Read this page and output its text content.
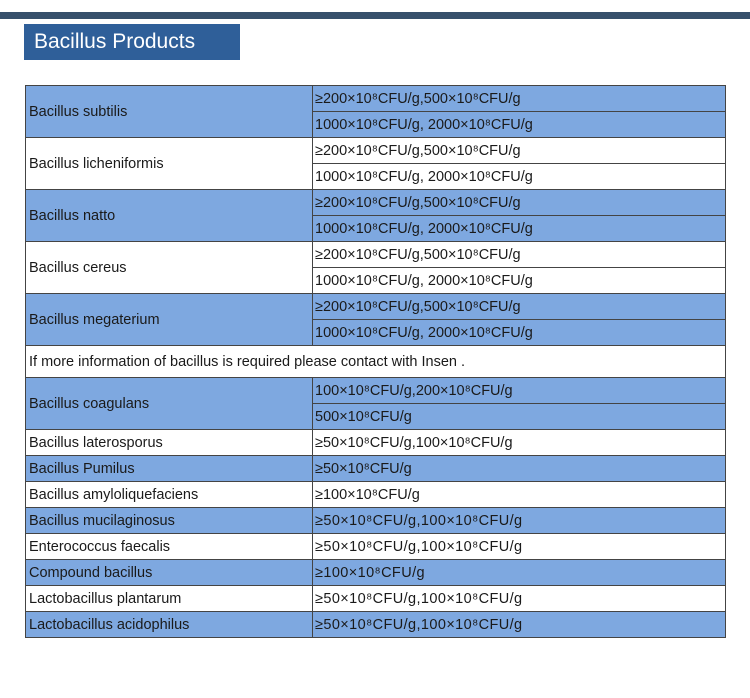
Bacillus Products
Bacillus subtilis	≥200×10⁸CFU/g,500×10⁸CFU/g
	1000×10⁸CFU/g, 2000×10⁸CFU/g
Bacillus licheniformis	≥200×10⁸CFU/g,500×10⁸CFU/g
	1000×10⁸CFU/g, 2000×10⁸CFU/g
Bacillus natto	≥200×10⁸CFU/g,500×10⁸CFU/g
	1000×10⁸CFU/g, 2000×10⁸CFU/g
Bacillus cereus	≥200×10⁸CFU/g,500×10⁸CFU/g
	1000×10⁸CFU/g, 2000×10⁸CFU/g
Bacillus megaterium	≥200×10⁸CFU/g,500×10⁸CFU/g
	1000×10⁸CFU/g, 2000×10⁸CFU/g
If more information of bacillus is required please contact with Insen .	
Bacillus coagulans	100×10⁸CFU/g,200×10⁸CFU/g
	500×10⁸CFU/g
Bacillus laterosporus	≥50×10⁸CFU/g,100×10⁸CFU/g
Bacillus Pumilus	≥50×10⁸CFU/g
Bacillus amyloliquefaciens	≥100×10⁸CFU/g
Bacillus mucilaginosus	≥50×10⁸CFU/g,100×10⁸CFU/g
Enterococcus faecalis	≥50×10⁸CFU/g,100×10⁸CFU/g
Compound bacillus	≥100×10⁸CFU/g
Lactobacillus plantarum	≥50×10⁸CFU/g,100×10⁸CFU/g
Lactobacillus acidophilus	≥50×10⁸CFU/g,100×10⁸CFU/g
